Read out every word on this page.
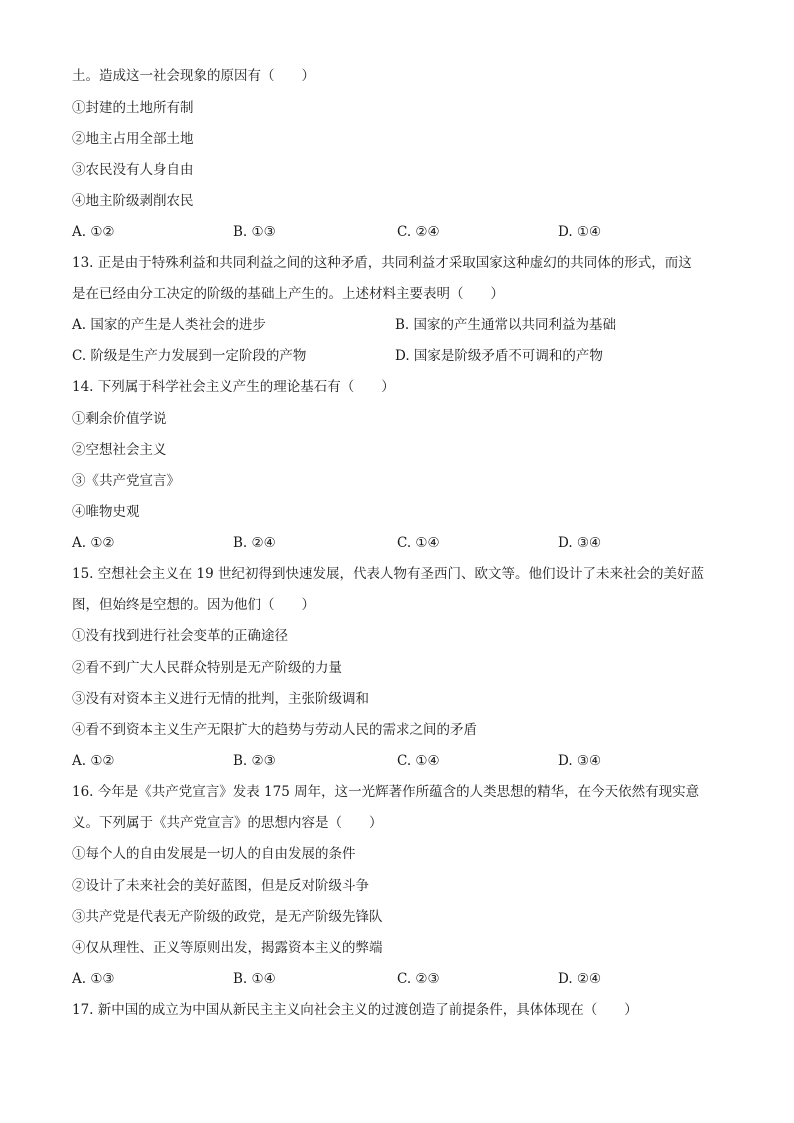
土。造成这一社会现象的原因有（　　）
①封建的土地所有制
②地主占用全部土地
③农民没有人身自由
④地主阶级剥削农民
A. ①②	B. ①③	C. ②④	D. ①④
13. 正是由于特殊利益和共同利益之间的这种矛盾，共同利益才采取国家这种虚幻的共同体的形式，而这
是在已经由分工决定的阶级的基础上产生的。上述材料主要表明（　　）
A. 国家的产生是人类社会的进步	B. 国家的产生通常以共同利益为基础
C. 阶级是生产力发展到一定阶段的产物	D. 国家是阶级矛盾不可调和的产物
14. 下列属于科学社会主义产生的理论基石有（　　）
①剩余价值学说
②空想社会主义
③《共产党宣言》
④唯物史观
A. ①②	B. ②④	C. ①④	D. ③④
15. 空想社会主义在 19 世纪初得到快速发展，代表人物有圣西门、欧文等。他们设计了未来社会的美好蓝
图，但始终是空想的。因为他们（　　）
①没有找到进行社会变革的正确途径
②看不到广大人民群众特别是无产阶级的力量
③没有对资本主义进行无情的批判，主张阶级调和
④看不到资本主义生产无限扩大的趋势与劳动人民的需求之间的矛盾
A. ①②	B. ②③	C. ①④	D. ③④
16. 今年是《共产党宣言》发表 175 周年，这一光辉著作所蕴含的人类思想的精华，在今天依然有现实意
义。下列属于《共产党宣言》的思想内容是（　　）
①每个人的自由发展是一切人的自由发展的条件
②设计了未来社会的美好蓝图，但是反对阶级斗争
③共产党是代表无产阶级的政党，是无产阶级先锋队
④仅从理性、正义等原则出发，揭露资本主义的弊端
A. ①③	B. ①④	C. ②③	D. ②④
17. 新中国的成立为中国从新民主主义向社会主义的过渡创造了前提条件，具体体现在（　　）
